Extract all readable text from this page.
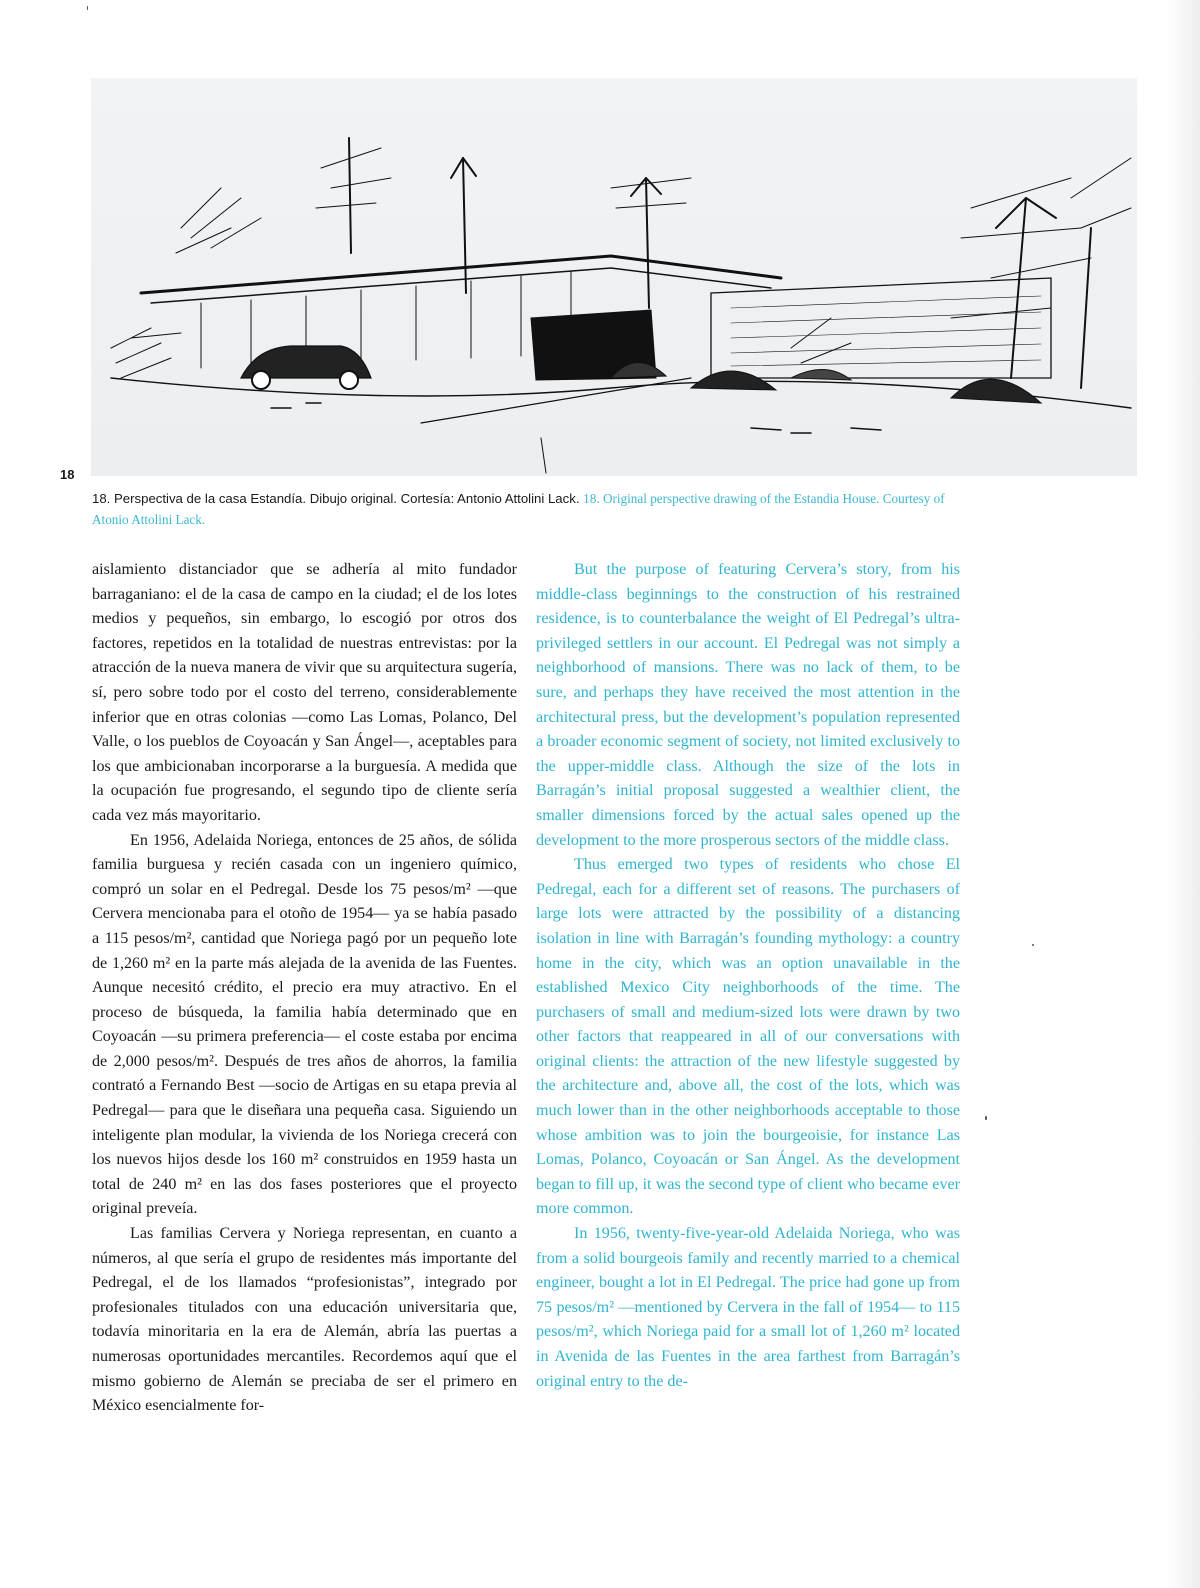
18
18. Perspectiva de la casa Estandía. Dibujo original. Cortesía: Antonio Attolini Lack. 18. Original perspective drawing of the Estandia House. Courtesy of Atonio Attolini Lack.

aislamiento distanciador que se adhería al mito fundador barraganiano: el de la casa de campo en la ciudad; el de los lotes medios y pequeños, sin embargo, lo escogió por otros dos factores, repetidos en la totalidad de nuestras entrevistas: por la atracción de la nueva manera de vivir que su arquitectura sugería, sí, pero sobre todo por el costo del terreno, considerablemente inferior que en otras colonias —como Las Lomas, Polanco, Del Valle, o los pueblos de Coyoacán y San Ángel—, aceptables para los que ambicionaban incorporarse a la burguesía. A medida que la ocupación fue progresando, el segundo tipo de cliente sería cada vez más mayoritario.

En 1956, Adelaida Noriega, entonces de 25 años, de sólida familia burguesa y recién casada con un ingeniero químico, compró un solar en el Pedregal. Desde los 75 pesos/m² —que Cervera mencionaba para el otoño de 1954— ya se había pasado a 115 pesos/m², cantidad que Noriega pagó por un pequeño lote de 1,260 m² en la parte más alejada de la avenida de las Fuentes. Aunque necesitó crédito, el precio era muy atractivo. En el proceso de búsqueda, la familia había determinado que en Coyoacán —su primera preferencia— el coste estaba por encima de 2,000 pesos/m². Después de tres años de ahorros, la familia contrató a Fernando Best —socio de Artigas en su etapa previa al Pedregal— para que le diseñara una pequeña casa. Siguiendo un inteligente plan modular, la vivienda de los Noriega crecerá con los nuevos hijos desde los 160 m² construidos en 1959 hasta un total de 240 m² en las dos fases posteriores que el proyecto original preveía.

Las familias Cervera y Noriega representan, en cuanto a números, al que sería el grupo de residentes más importante del Pedregal, el de los llamados “profesionistas”, integrado por profesionales titulados con una educación universitaria que, todavía minoritaria en la era de Alemán, abría las puertas a numerosas oportunidades mercantiles. Recordemos aquí que el mismo gobierno de Alemán se preciaba de ser el primero en México esencialmente for-

But the purpose of featuring Cervera’s story, from his middle-class beginnings to the construction of his restrained residence, is to counterbalance the weight of El Pedregal’s ultra-privileged settlers in our account. El Pedregal was not simply a neighborhood of mansions. There was no lack of them, to be sure, and perhaps they have received the most attention in the architectural press, but the development’s population represented a broader economic segment of society, not limited exclusively to the upper-middle class. Although the size of the lots in Barragán’s initial proposal suggested a wealthier client, the smaller dimensions forced by the actual sales opened up the development to the more prosperous sectors of the middle class.

Thus emerged two types of residents who chose El Pedregal, each for a different set of reasons. The purchasers of large lots were attracted by the possibility of a distancing isolation in line with Barragán’s founding mythology: a country home in the city, which was an option unavailable in the established Mexico City neighborhoods of the time. The purchasers of small and medium-sized lots were drawn by two other factors that reappeared in all of our conversations with original clients: the attraction of the new lifestyle suggested by the architecture and, above all, the cost of the lots, which was much lower than in the other neighborhoods acceptable to those whose ambition was to join the bourgeoisie, for instance Las Lomas, Polanco, Coyoacán or San Ángel. As the development began to fill up, it was the second type of client who became ever more common.

In 1956, twenty-five-year-old Adelaida Noriega, who was from a solid bourgeois family and recently married to a chemical engineer, bought a lot in El Pedregal. The price had gone up from 75 pesos/m² —mentioned by Cervera in the fall of 1954— to 115 pesos/m², which Noriega paid for a small lot of 1,260 m² located in Avenida de las Fuentes in the area farthest from Barragán’s original entry to the de-
